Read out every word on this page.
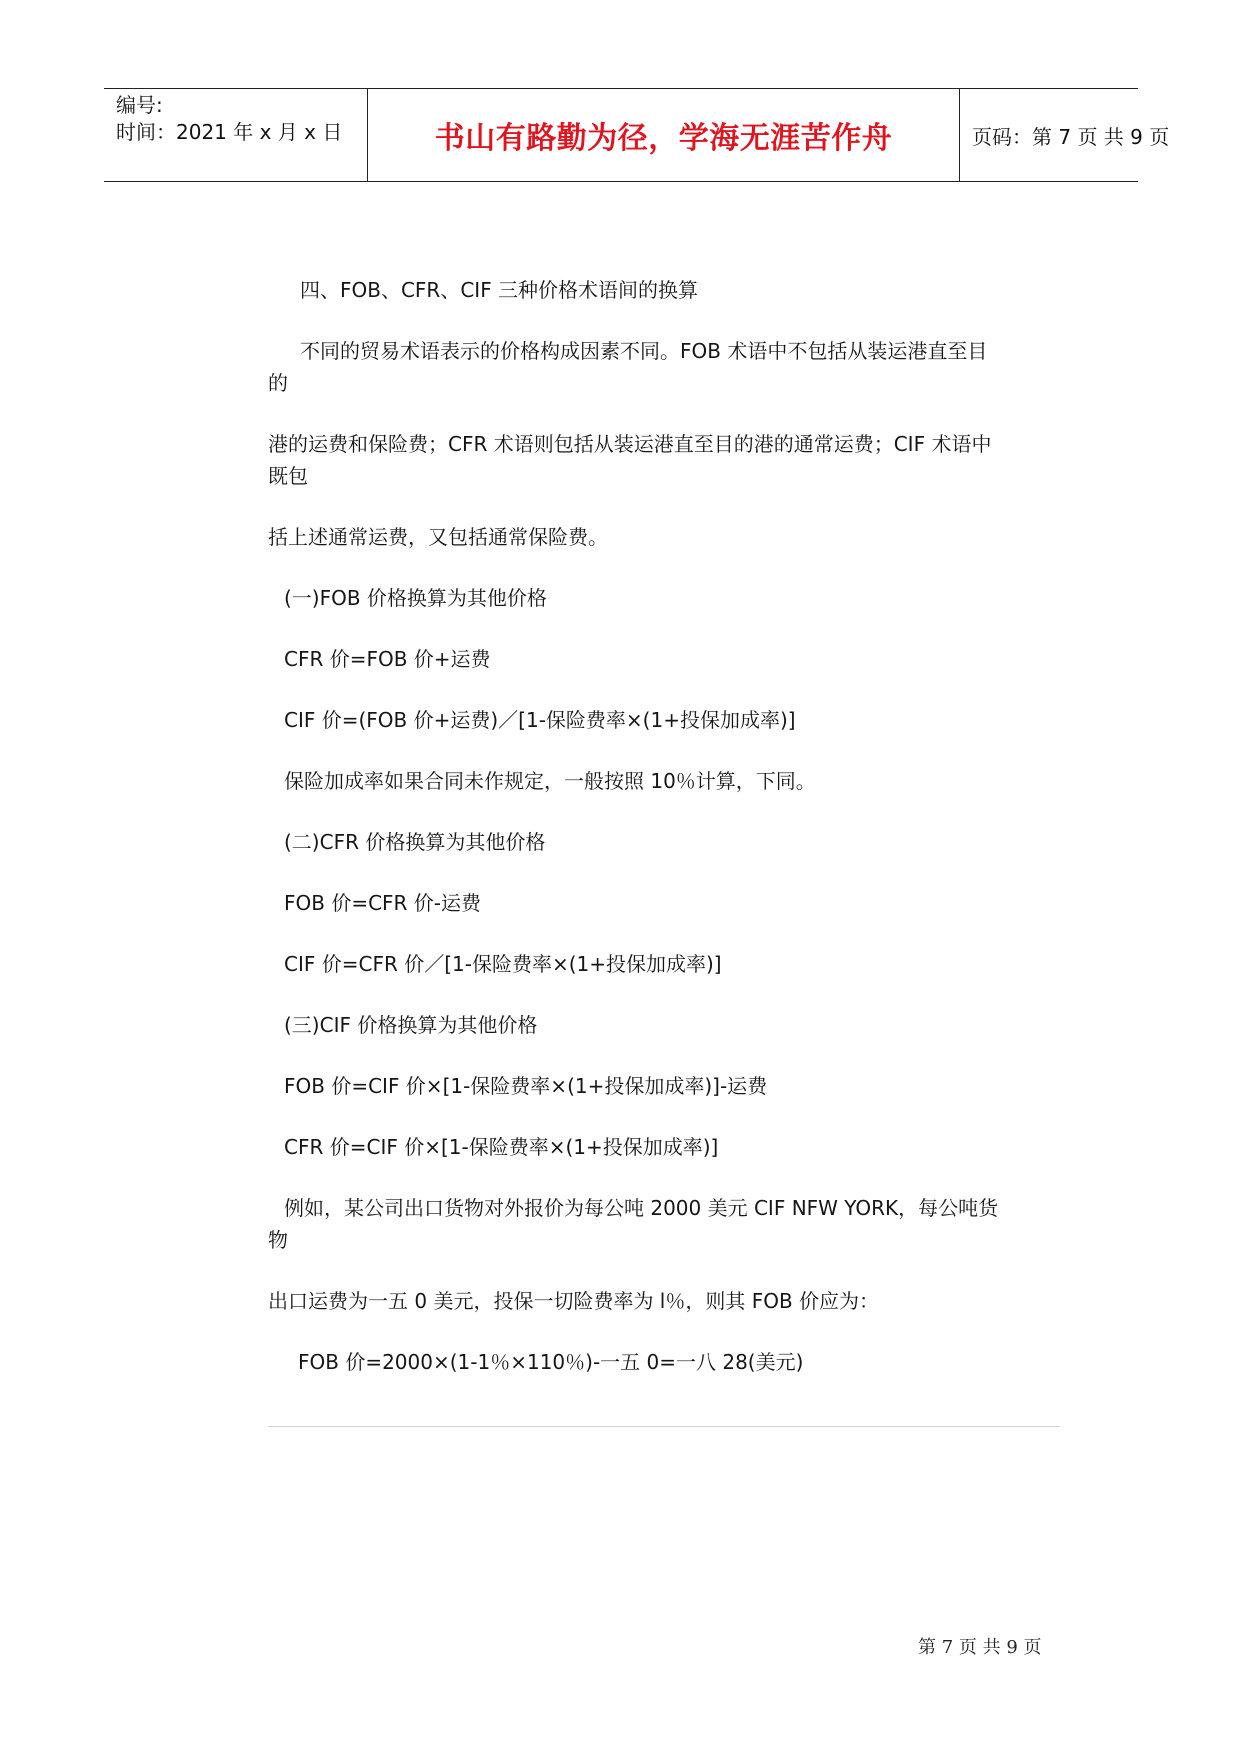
编号:
时间：2021 年 x 月 x 日	书山有路勤为径，学海无涯苦作舟	页码：第 7 页 共 9 页
四、FOB、CFR、CIF 三种价格术语间的换算
不同的贸易术语表示的价格构成因素不同。FOB 术语中不包括从装运港直至目
的
港的运费和保险费；CFR 术语则包括从装运港直至目的港的通常运费；CIF 术语中
既包
括上述通常运费，又包括通常保险费。
(一)FOB 价格换算为其他价格
CFR 价=FOB 价+运费
CIF 价=(FOB 价+运费)／[1-保险费率×(1+投保加成率)]
保险加成率如果合同未作规定，一般按照 10％计算，下同。
(二)CFR 价格换算为其他价格
FOB 价=CFR 价-运费
CIF 价=CFR 价／[1-保险费率×(1+投保加成率)]
(三)CIF 价格换算为其他价格
FOB 价=CIF 价×[1-保险费率×(1+投保加成率)]-运费
CFR 价=CIF 价×[1-保险费率×(1+投保加成率)]
例如，某公司出口货物对外报价为每公吨 2000 美元 CIF NFW YORK，每公吨货
物
出口运费为一五 0 美元，投保一切险费率为 l％，则其 FOB 价应为：
FOB 价=2000×(1-1％×110％)-一五 0=一八 28(美元)
第 7 页 共 9 页
